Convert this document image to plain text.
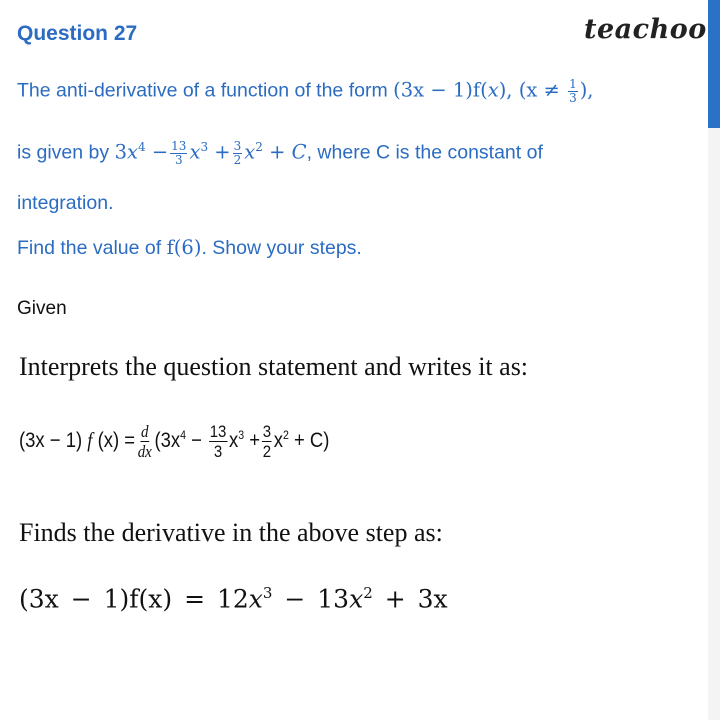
Question 27	teachoo
The anti-derivative of a function of the form (3x − 1)f(x), ($x \ne \frac{1}{3}$ ),
is given by $3x^4 - \frac{13}{3} x^3 + \frac{3}{2} x^2 + C$, where C is the constant of
integration.
Find the value of f(6). Show your steps.
Given
Interprets the question statement and writes it as:
(3x − 1) f $(x) = \frac{d}{dx} (3x^4 - \frac{13}{3} x^3 + \frac{3}{2} x^2 + C)$
Finds the derivative in the above step as:
$(3x - 1)f(x) = 12x^3 - 13x^2 + 3x$
